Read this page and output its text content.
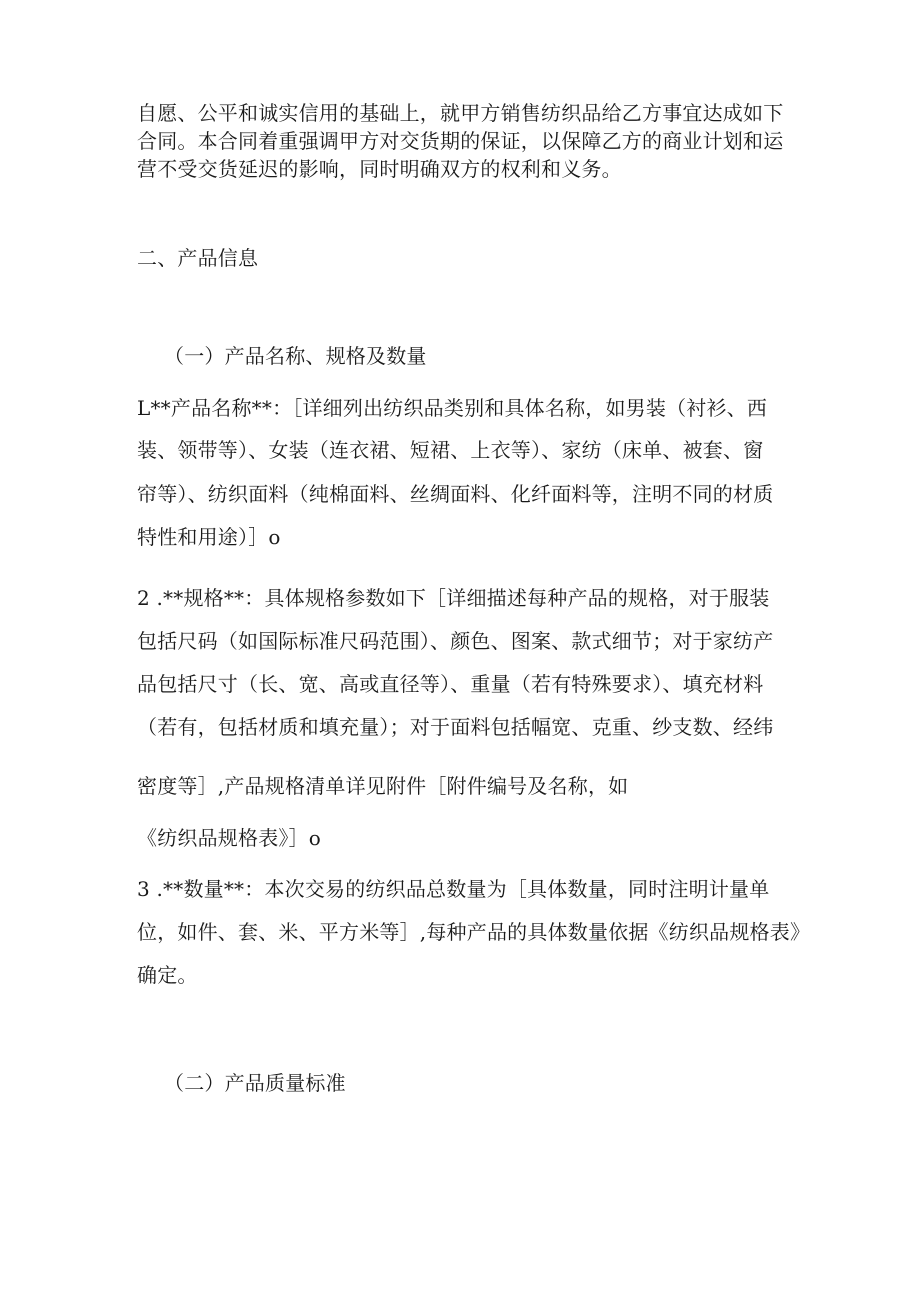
自愿、公平和诚实信用的基础上，就甲方销售纺织品给乙方事宜达成如下
合同。本合同着重强调甲方对交货期的保证，以保障乙方的商业计划和运
营不受交货延迟的影响，同时明确双方的权利和义务。
二、产品信息
（一）产品名称、规格及数量
L**产品名称**：［详细列出纺织品类别和具体名称，如男装（衬衫、西
装、领带等）、女装（连衣裙、短裙、上衣等）、家纺（床单、被套、窗
帘等）、纺织面料（纯棉面料、丝绸面料、化纤面料等，注明不同的材质
特性和用途）］o
2 .**规格**：具体规格参数如下［详细描述每种产品的规格，对于服装
包括尺码（如国际标准尺码范围）、颜色、图案、款式细节；对于家纺产
品包括尺寸（长、宽、高或直径等）、重量（若有特殊要求）、填充材料
（若有，包括材质和填充量）；对于面料包括幅宽、克重、纱支数、经纬
密度等］,产品规格清单详见附件［附件编号及名称，如
《纺织品规格表》］o
3 .**数量**：本次交易的纺织品总数量为［具体数量，同时注明计量单
位，如件、套、米、平方米等］,每种产品的具体数量依据《纺织品规格表》
确定。
（二）产品质量标准
